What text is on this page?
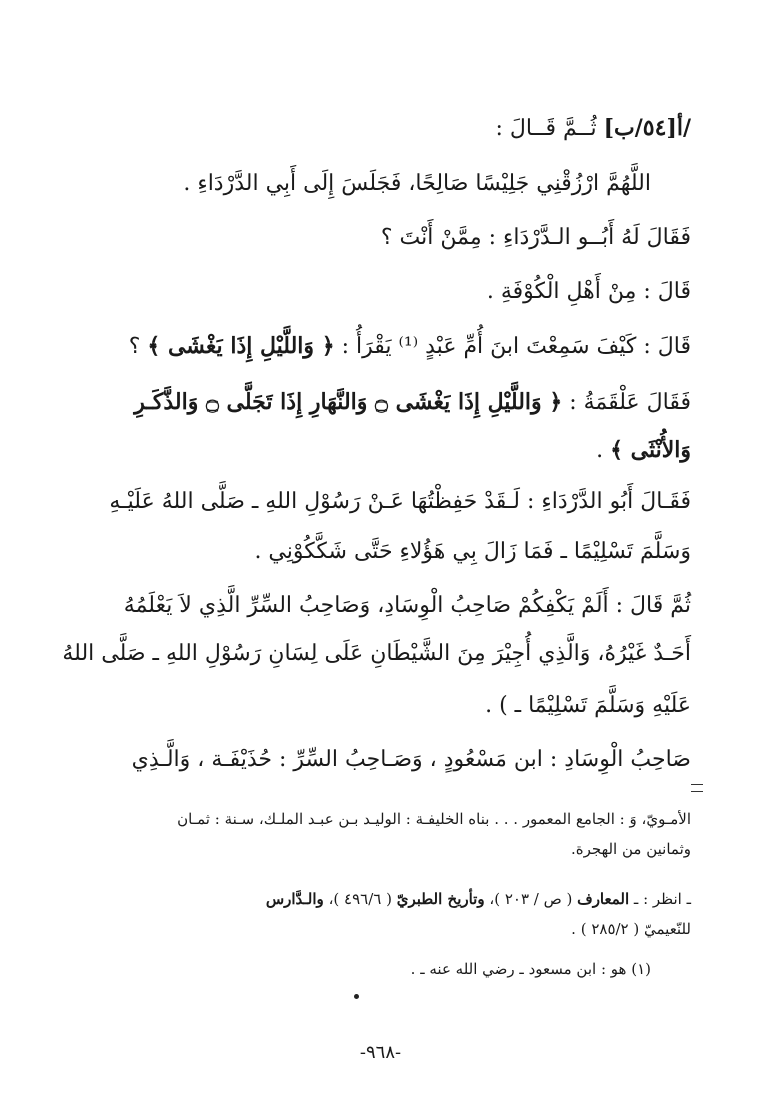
/أ[٥٤/ب] ثُــمَّ قَــالَ :
اللَّهُمَّ ارْزُقْنِي جَلِيْسًا صَالِحًا، فَجَلَسَ إِلَى أَبِي الدَّرْدَاءِ .
فَقَالَ لَهُ أَبُــو الـدَّرْدَاءِ : مِمَّنْ أَنْتَ ؟
قَالَ : مِنْ أَهْلِ الْكُوْفَةِ .
قَالَ : كَيْفَ سَمِعْتَ ابنَ أُمِّ عَبْدٍ ⁽¹⁾ يَقْرَأُ : ﴿ وَاللَّيْلِ إِذَا يَغْشَى ﴾ ؟
فَقَالَ عَلْقَمَةُ : ﴿ وَاللَّيْلِ إِذَا يَغْشَى ۝ وَالنَّهَارِ إِذَا تَجَلَّى ۝ وَالذَّكَـرِ
وَالأُنْثَى ﴾ .
فَقَـالَ أَبُو الدَّرْدَاءِ : لَـقَدْ حَفِظْتُهَا عَـنْ رَسُوْلِ اللهِ ـ صَلَّى اللهُ عَلَيْـهِ
وَسَلَّمَ تَسْلِيْمًا ـ فَمَا زَالَ بِي هَؤُلاءِ حَتَّى شَكَّكُوْنِي .
ثُمَّ قَالَ : أَلَمْ يَكْفِكُمْ صَاحِبُ الْوِسَادِ، وَصَاحِبُ السِّرِّ الَّذِي لاَ يَعْلَمُهُ
أَحَـدٌ غَيْرُهُ، وَالَّذِي أُجِيْرَ مِنَ الشَّيْطَانِ عَلَى لِسَانِ رَسُوْلِ اللهِ ـ صَلَّى اللهُ
عَلَيْهِ وَسَلَّمَ تَسْلِيْمًا ـ ) .
صَاحِبُ الْوِسَادِ : ابن مَسْعُودٍ ، وَصَـاحِبُ السِّرِّ : حُذَيْفَـة ، وَالَّـذِي
الأمـويّ، وَ : الجامع المعمور . . . بناه الخليفـة : الوليـد بـن عبـد الملـك، سـنة : ثمـان
وثمانين من الهجرة.
ـ انظر : ـ المعارف ( ص / ٢٠٣ )، وتأريخ الطبريّ ( ٤٩٦/٦ )، والـدَّارس
للنّعيميّ ( ٢٨٥/٢ ) .
(١) هو : ابن مسعود ـ رضي الله عنه ـ .
-٩٦٨-
